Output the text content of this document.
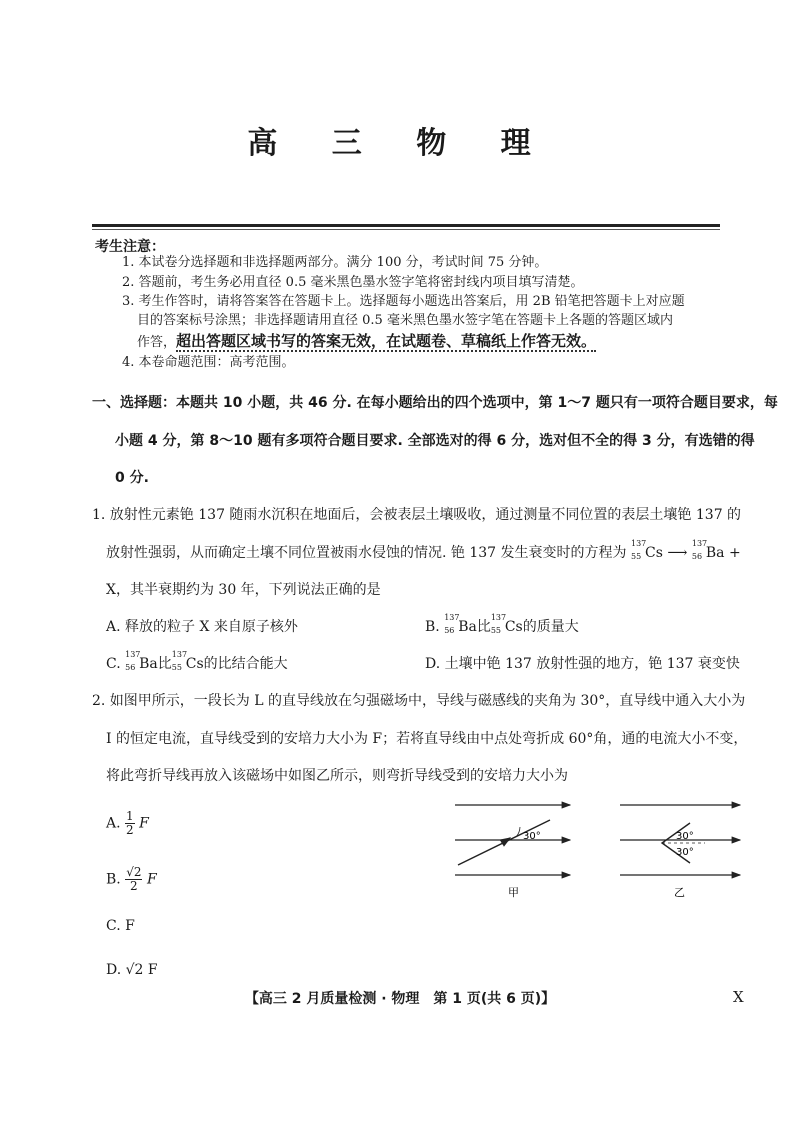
高 三 物 理
考生注意：
1. 本试卷分选择题和非选择题两部分。满分 100 分，考试时间 75 分钟。
2. 答题前，考生务必用直径 0.5 毫米黑色墨水签字笔将密封线内项目填写清楚。
3. 考生作答时，请将答案答在答题卡上。选择题每小题选出答案后，用 2B 铅笔把答题卡上对应题
目的答案标号涂黑；非选择题请用直径 0.5 毫米黑色墨水签字笔在答题卡上各题的答题区域内
作答，超出答题区域书写的答案无效，在试题卷、草稿纸上作答无效。
4. 本卷命题范围：高考范围。
一、选择题：本题共 10 小题，共 46 分. 在每小题给出的四个选项中，第 1～7 题只有一项符合题目要求，每
小题 4 分，第 8～10 题有多项符合题目要求. 全部选对的得 6 分，选对但不全的得 3 分，有选错的得
0 分.
1. 放射性元素铯 137 随雨水沉积在地面后，会被表层土壤吸收，通过测量不同位置的表层土壤铯 137 的
放射性强弱，从而确定土壤不同位置被雨水侵蚀的情况. 铯 137 发生衰变时的方程为
137
55 Cs ⟶
137
56 Ba +
X，其半衰期约为 30 年，下列说法正确的是
A. 释放的粒子 X 来自原子核外	B.
137
56 Ba比
137
55 Cs的质量大
C.
137
56 Ba比
137
55 Cs的比结合能大	D. 土壤中铯 137 放射性强的地方，铯 137 衰变快
2. 如图甲所示，一段长为 L 的直导线放在匀强磁场中，导线与磁感线的夹角为 30°，直导线中通入大小为
I 的恒定电流，直导线受到的安培力大小为 F；若将直导线由中点处弯折成 60°角，通的电流大小不变，
将此弯折导线再放入该磁场中如图乙所示，则弯折导线受到的安培力大小为
A. $\frac{1}{2}$ F
B. $\frac{√2}{2}$ F
C. F
D. √2 F
30°
甲
30°
30°
乙
【高三 2 月质量检测 · 物理　第 1 页(共 6 页)】	X
